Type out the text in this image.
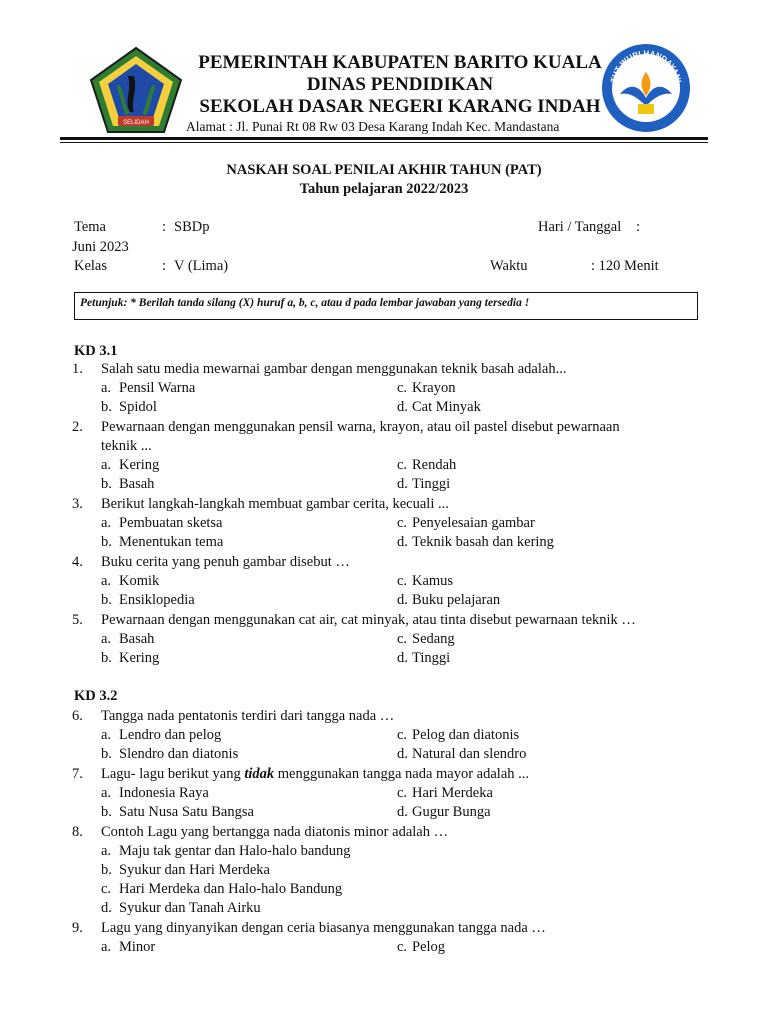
SELIDAH
TUT WURI HANDAYANI
PEMERINTAH KABUPATEN BARITO KUALA
DINAS PENDIDIKAN
SEKOLAH DASAR NEGERI KARANG INDAH
Alamat : Jl. Punai Rt 08 Rw 03 Desa Karang Indah Kec. Mandastana
NASKAH SOAL PENILAI AKHIR TAHUN (PAT)
Tahun pelajaran 2022/2023
Tema	: SBDp	Hari / Tanggal :
Juni 2023
Kelas	: V (Lima)	Waktu	: 120 Menit
Petunjuk: * Berilah tanda silang (X) huruf a, b, c, atau d pada lembar jawaban yang tersedia !
KD 3.1
KD 3.2
1. Salah satu media mewarnai gambar dengan menggunakan teknik basah adalah...
a. Pensil Warna	c. Krayon
b. Spidol	d. Cat Minyak
2. Pewarnaan dengan menggunakan pensil warna, krayon, atau oil pastel disebut pewarnaan
teknik ...
a. Kering	c. Rendah
b. Basah	d. Tinggi
3. Berikut langkah-langkah membuat gambar cerita, kecuali ...
a. Pembuatan sketsa	c. Penyelesaian gambar
b. Menentukan tema	d. Teknik basah dan kering
4. Buku cerita yang penuh gambar disebut …
a. Komik	c. Kamus
b. Ensiklopedia	d. Buku pelajaran
5. Pewarnaan dengan menggunakan cat air, cat minyak, atau tinta disebut pewarnaan teknik …
a. Basah	c. Sedang
b. Kering	d. Tinggi
6. Tangga nada pentatonis terdiri dari tangga nada …
a. Lendro dan pelog	c. Pelog dan diatonis
b. Slendro dan diatonis	d. Natural dan slendro
7. Lagu- lagu berikut yang tidak menggunakan tangga nada mayor adalah ...
a. Indonesia Raya	c. Hari Merdeka
b. Satu Nusa Satu Bangsa	d. Gugur Bunga
8. Contoh Lagu yang bertangga nada diatonis minor adalah …
a. Maju tak gentar dan Halo-halo bandung
b. Syukur dan Hari Merdeka
c. Hari Merdeka dan Halo-halo Bandung
d. Syukur dan Tanah Airku
9. Lagu yang dinyanyikan dengan ceria biasanya menggunakan tangga nada …
a. Minor	c. Pelog
